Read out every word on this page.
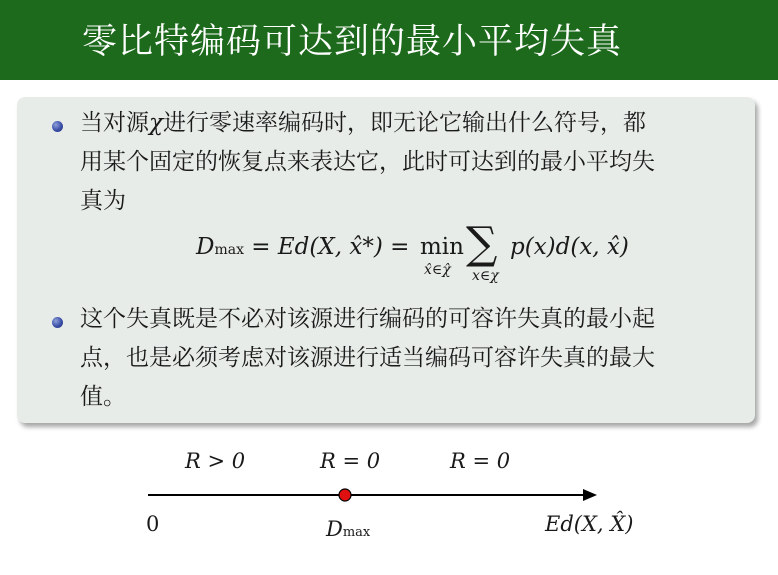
零比特编码可达到的最小平均失真
当对源χ进行零速率编码时，即无论它输出什么符号，都
用某个固定的恢复点来表达它，此时可达到的最小平均失
真为
Dmax = Ed(X, x̂*) = min
x̂∈χ̂
∑
x∈χ
p(x)d(x, x̂)
这个失真既是不必对该源进行编码的可容许失真的最小起
点，也是必须考虑对该源进行适当编码可容许失真的最大
值。
R > 0	R = 0	R = 0
0	Dmax	Ed(X, X̂)
